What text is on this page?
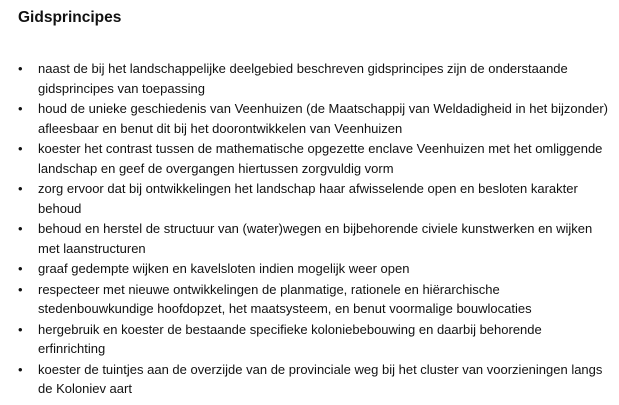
Gidsprincipes
•	naast de bij het landschappelijke deelgebied beschreven gidsprincipes zijn de onderstaande gidsprincipes van toepassing
•	houd de unieke geschiedenis van Veenhuizen (de Maatschappij van Weldadigheid in het bijzonder) afleesbaar en benut dit bij het doorontwikkelen van Veenhuizen
•	koester het contrast tussen de mathematische opgezette enclave Veenhuizen met het omliggende landschap en geef de overgangen hiertussen zorgvuldig vorm
•	zorg ervoor dat bij ontwikkelingen het landschap haar afwisselende open en besloten karakter behoud
•	behoud en herstel de structuur van (water)wegen en bijbehorende civiele kunstwerken en wijken met laanstructuren
•	graaf gedempte wijken en kavelsloten indien mogelijk weer open
•	respecteer met nieuwe ontwikkelingen de planmatige, rationele en hiërarchische stedenbouwkundige hoofdopzet, het maatsysteem, en benut voormalige bouwlocaties
•	hergebruik en koester de bestaande specifieke koloniebebouwing en daarbij behorende erfinrichting
•	koester de tuintjes aan de overzijde van de provinciale weg bij het cluster van voorzieningen langs de Koloniev aart
